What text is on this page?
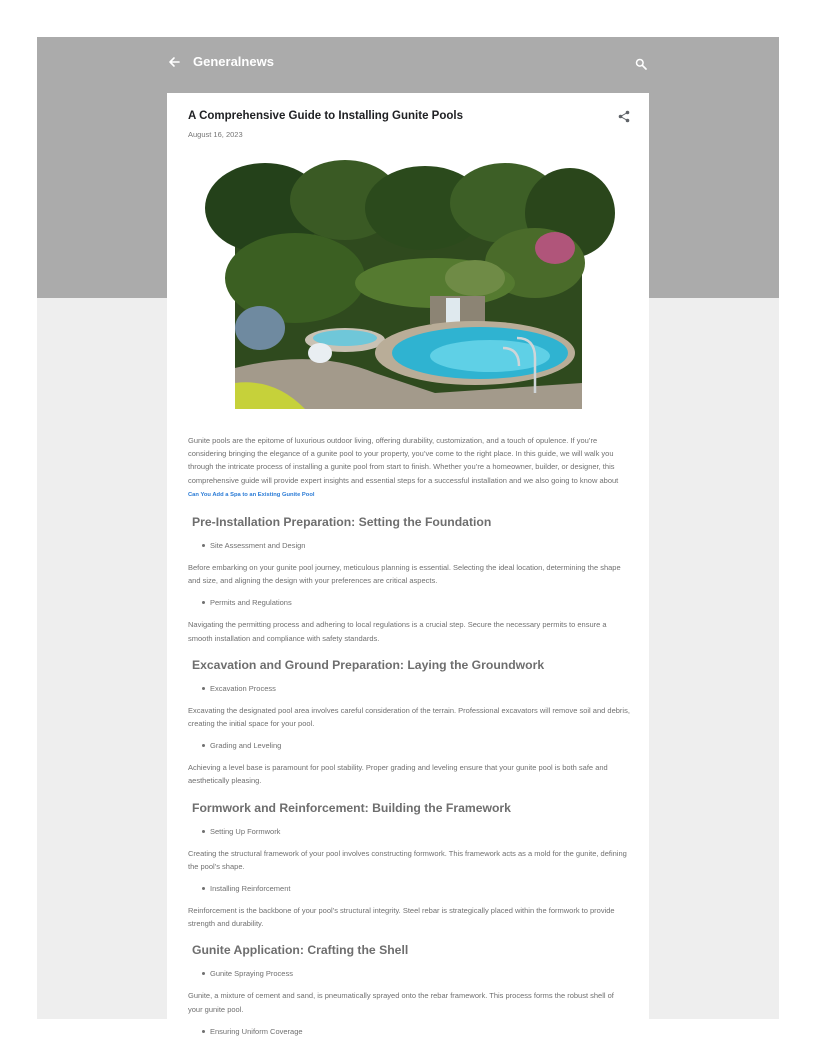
Generalnews
A Comprehensive Guide to Installing Gunite Pools
August 16, 2023

Gunite pools are the epitome of luxurious outdoor living, offering durability, customization, and a touch of opulence. If you’re considering bringing the elegance of a gunite pool to your property, you’ve come to the right place. In this guide, we will walk you through the intricate process of installing a gunite pool from start to finish. Whether you’re a homeowner, builder, or designer, this comprehensive guide will provide expert insights and essential steps for a successful installation and we also going to know about Can You Add a Spa to an Existing Gunite Pool

Pre-Installation Preparation: Setting the Foundation
Site Assessment and Design

Before embarking on your gunite pool journey, meticulous planning is essential. Selecting the ideal location, determining the shape and size, and aligning the design with your preferences are critical aspects.

Permits and Regulations

Navigating the permitting process and adhering to local regulations is a crucial step. Secure the necessary permits to ensure a smooth installation and compliance with safety standards.

Excavation and Ground Preparation: Laying the Groundwork
Excavation Process

Excavating the designated pool area involves careful consideration of the terrain. Professional excavators will remove soil and debris, creating the initial space for your pool.

Grading and Leveling

Achieving a level base is paramount for pool stability. Proper grading and leveling ensure that your gunite pool is both safe and aesthetically pleasing.

Formwork and Reinforcement: Building the Framework
Setting Up Formwork

Creating the structural framework of your pool involves constructing formwork. This framework acts as a mold for the gunite, defining the pool’s shape.

Installing Reinforcement

Reinforcement is the backbone of your pool’s structural integrity. Steel rebar is strategically placed within the formwork to provide strength and durability.

Gunite Application: Crafting the Shell
Gunite Spraying Process

Gunite, a mixture of cement and sand, is pneumatically sprayed onto the rebar framework. This process forms the robust shell of your gunite pool.

Ensuring Uniform Coverage
